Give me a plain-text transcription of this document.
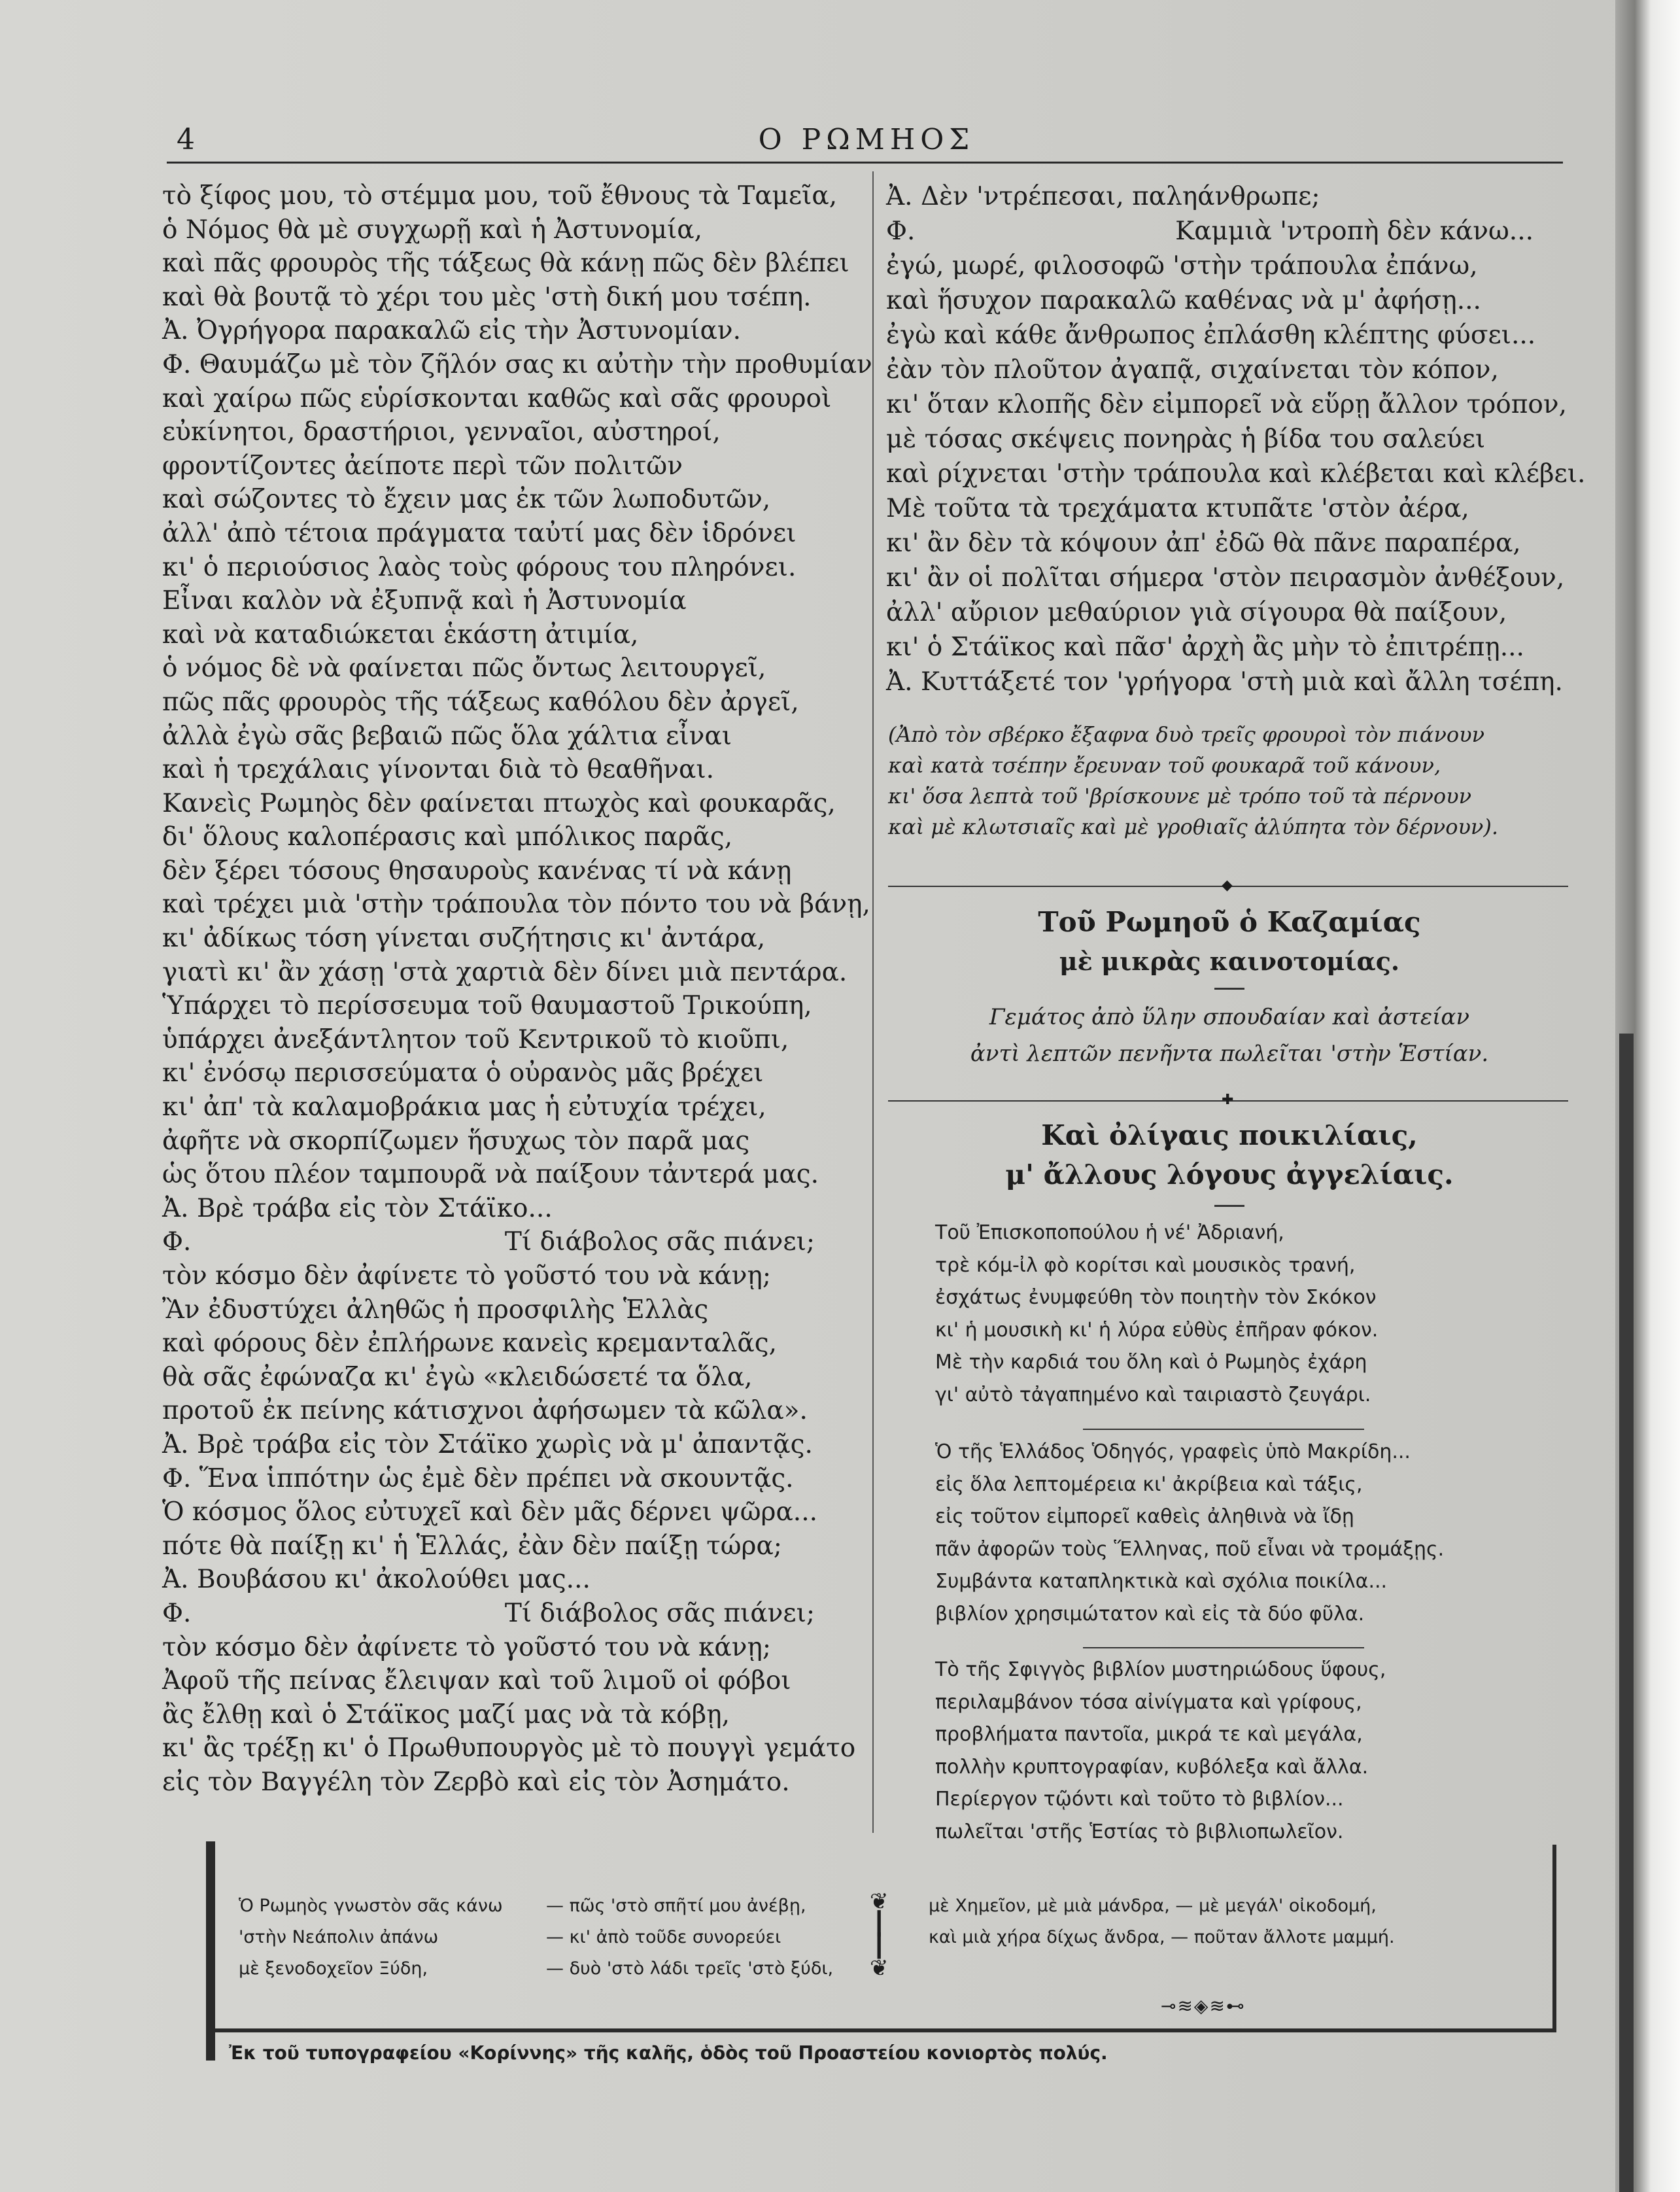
4	Ο ΡΩΜΗΟΣ
τὸ ξίφος μου, τὸ στέμμα μου, τοῦ ἔθνους τὰ Ταμεῖα,
ὁ Νόμος θὰ μὲ συγχωρῇ καὶ ἡ Ἀστυνομία,
καὶ πᾶς φρουρὸς τῆς τάξεως θὰ κάνῃ πῶς δὲν βλέπει
καὶ θὰ βουτᾷ τὸ χέρι του μὲς 'στὴ δική μου τσέπη.
Ἀ. Ὀγρήγορα παρακαλῶ εἰς τὴν Ἀστυνομίαν.
Φ. Θαυμάζω μὲ τὸν ζῆλόν σας κι αὐτὴν τὴν προθυμίαν
καὶ χαίρω πῶς εὑρίσκονται καθῶς καὶ σᾶς φρουροὶ
εὐκίνητοι, δραστήριοι, γενναῖοι, αὐστηροί,
φροντίζοντες ἀείποτε περὶ τῶν πολιτῶν
καὶ σώζοντες τὸ ἔχειν μας ἐκ τῶν λωποδυτῶν,
ἀλλ' ἀπὸ τέτοια πράγματα ταὐτί μας δὲν ἱδρόνει
κι' ὁ περιούσιος λαὸς τοὺς φόρους του πληρόνει.
Εἶναι καλὸν νὰ ἐξυπνᾷ καὶ ἡ Ἀστυνομία
καὶ νὰ καταδιώκεται ἑκάστη ἀτιμία,
ὁ νόμος δὲ νὰ φαίνεται πῶς ὄντως λειτουργεῖ,
πῶς πᾶς φρουρὸς τῆς τάξεως καθόλου δὲν ἀργεῖ,
ἀλλὰ ἐγὼ σᾶς βεβαιῶ πῶς ὅλα χάλτια εἶναι
καὶ ἡ τρεχάλαις γίνονται διὰ τὸ θεαθῆναι.
Κανεὶς Ρωμηὸς δὲν φαίνεται πτωχὸς καὶ φουκαρᾶς,
δι' ὅλους καλοπέρασις καὶ μπόλικος παρᾶς,
δὲν ξέρει τόσους θησαυροὺς κανένας τί νὰ κάνῃ
καὶ τρέχει μιὰ 'στὴν τράπουλα τὸν πόντο του νὰ βάνῃ,
κι' ἀδίκως τόση γίνεται συζήτησις κι' ἀντάρα,
γιατὶ κι' ἂν χάσῃ 'στὰ χαρτιὰ δὲν δίνει μιὰ πεντάρα.
Ὑπάρχει τὸ περίσσευμα τοῦ θαυμαστοῦ Τρικούπη,
ὑπάρχει ἀνεξάντλητον τοῦ Κεντρικοῦ τὸ κιοῦπι,
κι' ἐνόσῳ περισσεύματα ὁ οὐρανὸς μᾶς βρέχει
κι' ἀπ' τὰ καλαμοβράκια μας ἡ εὐτυχία τρέχει,
ἀφῆτε νὰ σκορπίζωμεν ἥσυχως τὸν παρᾶ μας
ὡς ὅτου πλέον ταμπουρᾶ νὰ παίξουν τἀντερά μας.
Ἀ. Βρὲ τράβα εἰς τὸν Στάϊκο...
Φ.	Τί διάβολος σᾶς πιάνει;
τὸν κόσμο δὲν ἀφίνετε τὸ γοῦστό του νὰ κάνῃ;
Ἂν ἐδυστύχει ἀληθῶς ἡ προσφιλὴς Ἑλλὰς
καὶ φόρους δὲν ἐπλήρωνε κανεὶς κρεμανταλᾶς,
θὰ σᾶς ἐφώναζα κι' ἐγὼ «κλειδώσετέ τα ὅλα,
προτοῦ ἐκ πείνης κάτισχνοι ἀφήσωμεν τὰ κῶλα».
Ἀ. Βρὲ τράβα εἰς τὸν Στάϊκο χωρὶς νὰ μ' ἀπαντᾷς.
Φ. Ἕνα ἱππότην ὡς ἐμὲ δὲν πρέπει νὰ σκουντᾷς.
Ὁ κόσμος ὅλος εὐτυχεῖ καὶ δὲν μᾶς δέρνει ψῶρα...
πότε θὰ παίξῃ κι' ἡ Ἑλλάς, ἐὰν δὲν παίξῃ τώρα;
Ἀ. Βουβάσου κι' ἀκολούθει μας...
Φ.	Τί διάβολος σᾶς πιάνει;
τὸν κόσμο δὲν ἀφίνετε τὸ γοῦστό του νὰ κάνῃ;
Ἀφοῦ τῆς πείνας ἔλειψαν καὶ τοῦ λιμοῦ οἱ φόβοι
ἂς ἔλθῃ καὶ ὁ Στάϊκος μαζί μας νὰ τὰ κόβῃ,
κι' ἂς τρέξῃ κι' ὁ Πρωθυπουργὸς μὲ τὸ πουγγὶ γεμάτο
εἰς τὸν Βαγγέλη τὸν Ζερβὸ καὶ εἰς τὸν Ἀσημάτο.
Ἀ. Δὲν 'ντρέπεσαι, παληάνθρωπε;
Φ.	Καμμιὰ 'ντροπὴ δὲν κάνω...
ἐγώ, μωρέ, φιλοσοφῶ 'στὴν τράπουλα ἐπάνω,
καὶ ἥσυχον παρακαλῶ καθένας νὰ μ' ἀφήσῃ...
ἐγὼ καὶ κάθε ἄνθρωπος ἐπλάσθη κλέπτης φύσει...
ἐὰν τὸν πλοῦτον ἀγαπᾷ, σιχαίνεται τὸν κόπον,
κι' ὅταν κλοπῆς δὲν εἰμπορεῖ νὰ εὕρῃ ἄλλον τρόπον,
μὲ τόσας σκέψεις πονηρὰς ἡ βίδα του σαλεύει
καὶ ρίχνεται 'στὴν τράπουλα καὶ κλέβεται καὶ κλέβει.
Μὲ τοῦτα τὰ τρεχάματα κτυπᾶτε 'στὸν ἀέρα,
κι' ἂν δὲν τὰ κόψουν ἀπ' ἐδῶ θὰ πᾶνε παραπέρα,
κι' ἂν οἱ πολῖται σήμερα 'στὸν πειρασμὸν ἀνθέξουν,
ἀλλ' αὔριον μεθαύριον γιὰ σίγουρα θὰ παίξουν,
κι' ὁ Στάϊκος καὶ πᾶσ' ἀρχὴ ἂς μὴν τὸ ἐπιτρέπῃ...
Ἀ. Κυττάξετέ τον 'γρήγορα 'στὴ μιὰ καὶ ἄλλη τσέπη.
(Ἀπὸ τὸν σβέρκο ἔξαφνα δυὸ τρεῖς φρουροὶ τὸν πιάνουν
καὶ κατὰ τσέπην ἔρευναν τοῦ φουκαρᾶ τοῦ κάνουν,
κι' ὅσα λεπτὰ τοῦ 'βρίσκουνε μὲ τρόπο τοῦ τὰ πέρνουν
καὶ μὲ κλωτσιαῖς καὶ μὲ γροθιαῖς ἀλύπητα τὸν δέρνουν).
◆
Τοῦ Ρωμηοῦ ὁ Καζαμίας
μὲ μικρὰς καινοτομίας.
Γεμάτος ἀπὸ ὕλην σπουδαίαν καὶ ἀστείαν
ἀντὶ λεπτῶν πενῆντα πωλεῖται 'στὴν Ἑστίαν.
✚
Καὶ ὀλίγαις ποικιλίαις,
μ' ἄλλους λόγους ἀγγελίαις.
Τοῦ Ἐπισκοποπούλου ἡ νέ' Ἀδριανή,
τρὲ κόμ-ἰλ φὸ κορίτσι καὶ μουσικὸς τρανή,
ἐσχάτως ἐνυμφεύθη τὸν ποιητὴν τὸν Σκόκον
κι' ἡ μουσικὴ κι' ἡ λύρα εὐθὺς ἐπῆραν φόκον.
Μὲ τὴν καρδιά του ὅλη καὶ ὁ Ρωμηὸς ἐχάρη
γι' αὐτὸ τἀγαπημένο καὶ ταιριαστὸ ζευγάρι.
Ὁ τῆς Ἑλλάδος Ὁδηγός, γραφεὶς ὑπὸ Μακρίδη...
εἰς ὅλα λεπτομέρεια κι' ἀκρίβεια καὶ τάξις,
εἰς τοῦτον εἰμπορεῖ καθεὶς ἀληθινὰ νὰ ἴδῃ
πᾶν ἀφορῶν τοὺς Ἕλληνας, ποῦ εἶναι νὰ τρομάξῃς.
Συμβάντα καταπληκτικὰ καὶ σχόλια ποικίλα...
βιβλίον χρησιμώτατον καὶ εἰς τὰ δύο φῦλα.
Τὸ τῆς Σφιγγὸς βιβλίον μυστηριώδους ὕφους,
περιλαμβάνον τόσα αἰνίγματα καὶ γρίφους,
προβλήματα παντοῖα, μικρά τε καὶ μεγάλα,
πολλὴν κρυπτογραφίαν, κυβόλεξα καὶ ἄλλα.
Περίεργον τῷόντι καὶ τοῦτο τὸ βιβλίον...
πωλεῖται 'στῆς Ἑστίας τὸ βιβλιοπωλεῖον.
Ὁ Ρωμηὸς γνωστὸν σᾶς κάνω	— πῶς 'στὸ σπῆτί μου ἀνέβῃ,
'στὴν Νεάπολιν ἀπάνω	— κι' ἀπὸ τοῦδε συνορεύει
μὲ ξενοδοχεῖον Ξύδη,	— δυὸ 'στὸ λάδι τρεῖς 'στὸ ξύδι,
❦
┃
┃
❦
μὲ Χημεῖον, μὲ μιὰ μάνδρα, — μὲ μεγάλ' οἰκοδομή,
καὶ μιὰ χήρα δίχως ἄνδρα, — ποῦταν ἄλλοτε μαμμή.
⊸≋◈≋⊷
Ἐκ τοῦ τυπογραφείου «Κορίννης» τῆς καλῆς, ὁδὸς τοῦ Προαστείου κονιορτὸς πολύς.
